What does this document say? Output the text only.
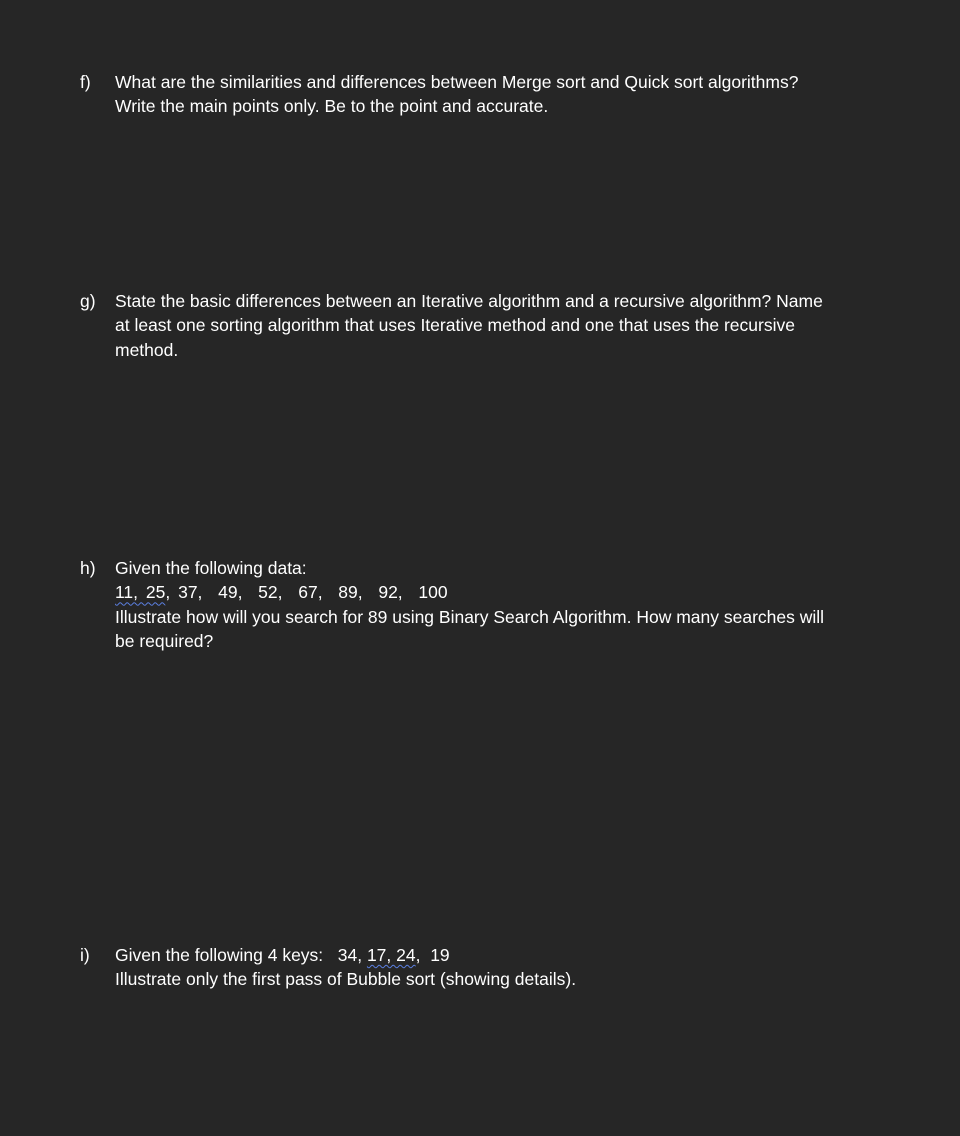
f)	What are the similarities and differences between Merge sort and Quick sort algorithms?
Write the main points only. Be to the point and accurate.
g)	State the basic differences between an Iterative algorithm and a recursive algorithm? Name
at least one sorting algorithm that uses Iterative method and one that uses the recursive
method.
h)	Given the following data:
11, 25, 37,  49,  52,  67,  89,  92,  100
Illustrate how will you search for 89 using Binary Search Algorithm. How many searches will
be required?
i)	Given the following 4 keys:   34, 17, 24,  19
Illustrate only the first pass of Bubble sort (showing details).
